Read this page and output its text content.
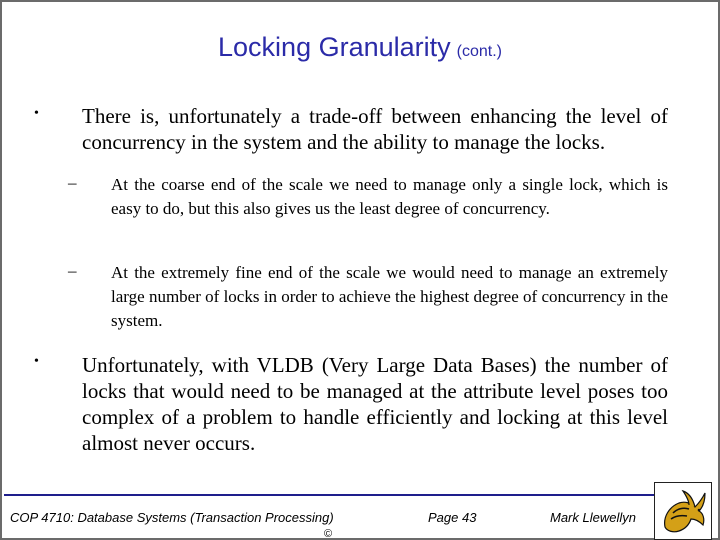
Locking Granularity (cont.)
• There is, unfortunately a trade-off between enhancing the level of concurrency in the system and the ability to manage the locks.
– At the coarse end of the scale we need to manage only a single lock, which is easy to do, but this also gives us the least degree of concurrency.
– At the extremely fine end of the scale we would need to manage an extremely large number of locks in order to achieve the highest degree of concurrency in the system.
• Unfortunately, with VLDB (Very Large Data Bases) the number of locks that would need to be managed at the attribute level poses too complex of a problem to handle efficiently and locking at this level almost never occurs.
COP 4710: Database Systems (Transaction Processing)	Page 43	Mark Llewellyn
©
